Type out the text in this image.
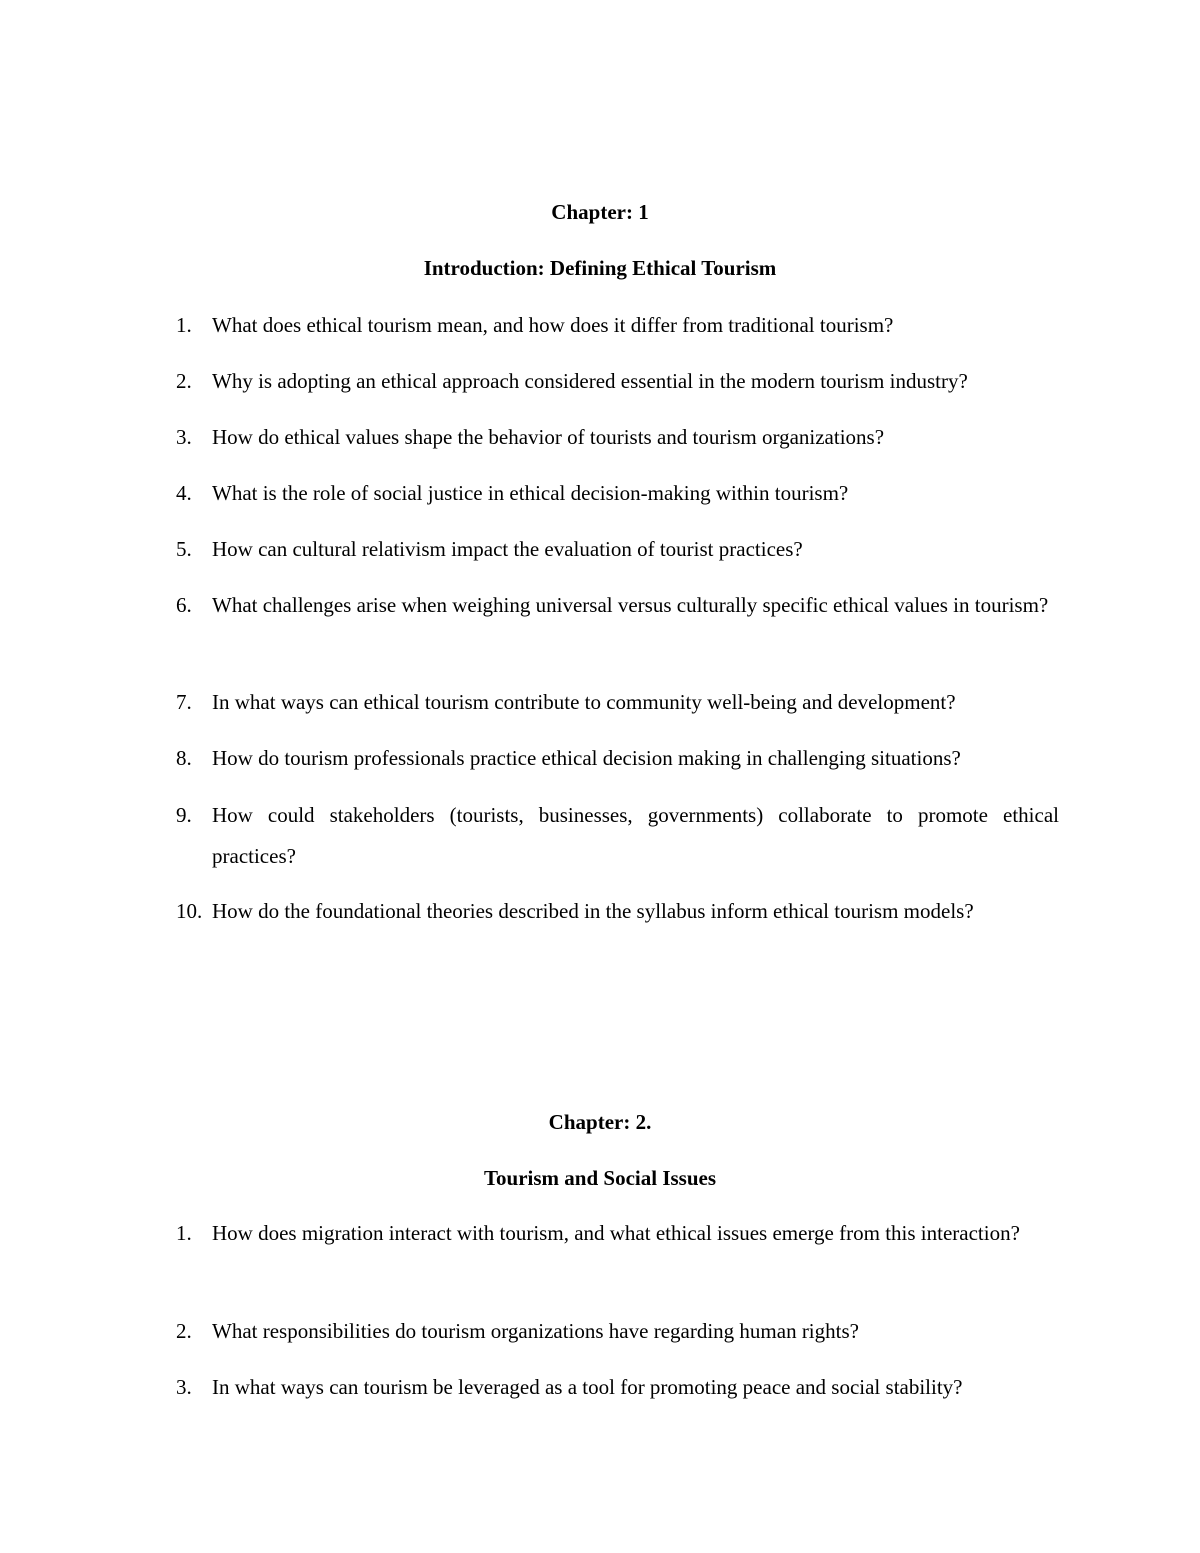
Chapter: 1
Introduction: Defining Ethical Tourism
1. What does ethical tourism mean, and how does it differ from traditional tourism?
2. Why is adopting an ethical approach considered essential in the modern tourism industry?
3. How do ethical values shape the behavior of tourists and tourism organizations?
4. What is the role of social justice in ethical decision-making within tourism?
5. How can cultural relativism impact the evaluation of tourist practices?
6. What challenges arise when weighing universal versus culturally specific ethical values in tourism?
7. In what ways can ethical tourism contribute to community well-being and development?
8. How do tourism professionals practice ethical decision making in challenging situations?
9. How could stakeholders (tourists, businesses, governments) collaborate to promote ethical practices?
10. How do the foundational theories described in the syllabus inform ethical tourism models?
Chapter: 2.
Tourism and Social Issues
1. How does migration interact with tourism, and what ethical issues emerge from this interaction?
2. What responsibilities do tourism organizations have regarding human rights?
3. In what ways can tourism be leveraged as a tool for promoting peace and social stability?
